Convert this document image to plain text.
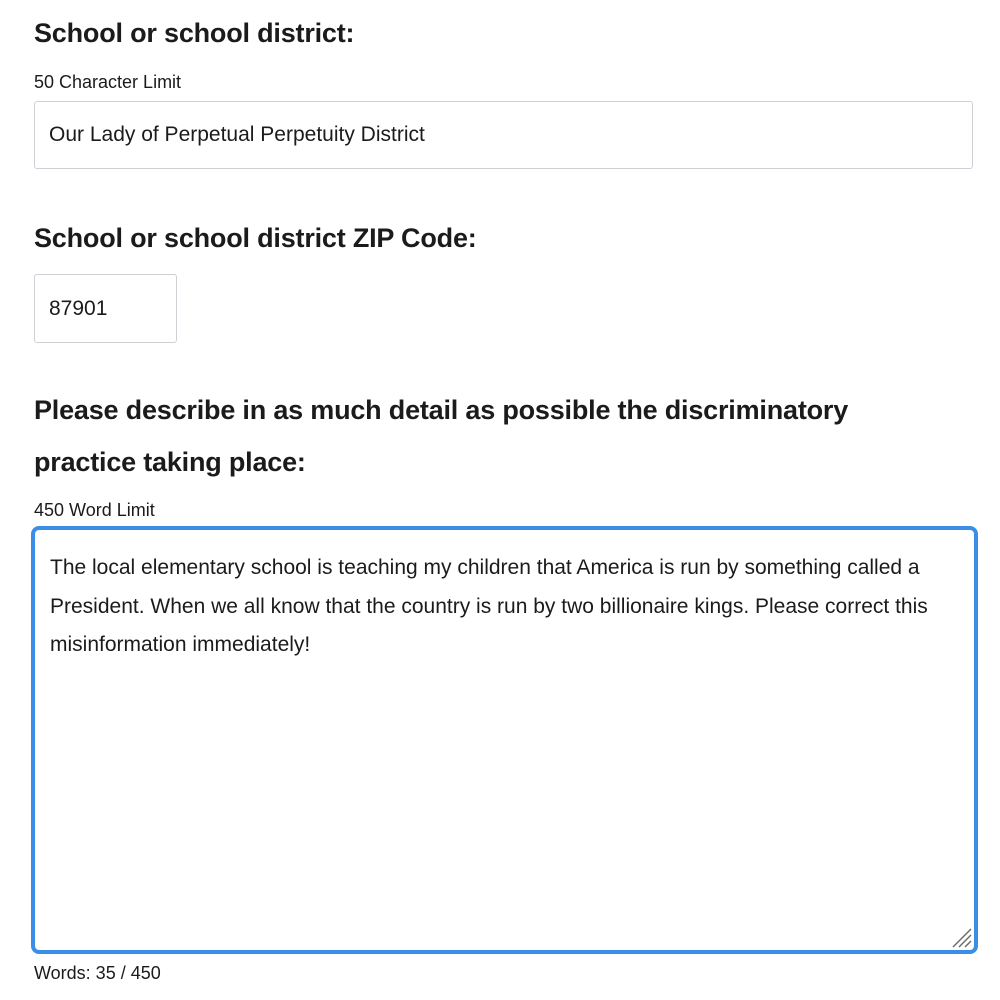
School or school district:

50 Character Limit

Our Lady of Perpetual Perpetuity District
School or school district ZIP Code:
87901
Please describe in as much detail as possible the discriminatory
practice taking place:

450 Word Limit

The local elementary school is teaching my children that America is run by something called a President. When we all know that the country is run by two billionaire kings. Please correct this misinformation immediately!

Words: 35 / 450
